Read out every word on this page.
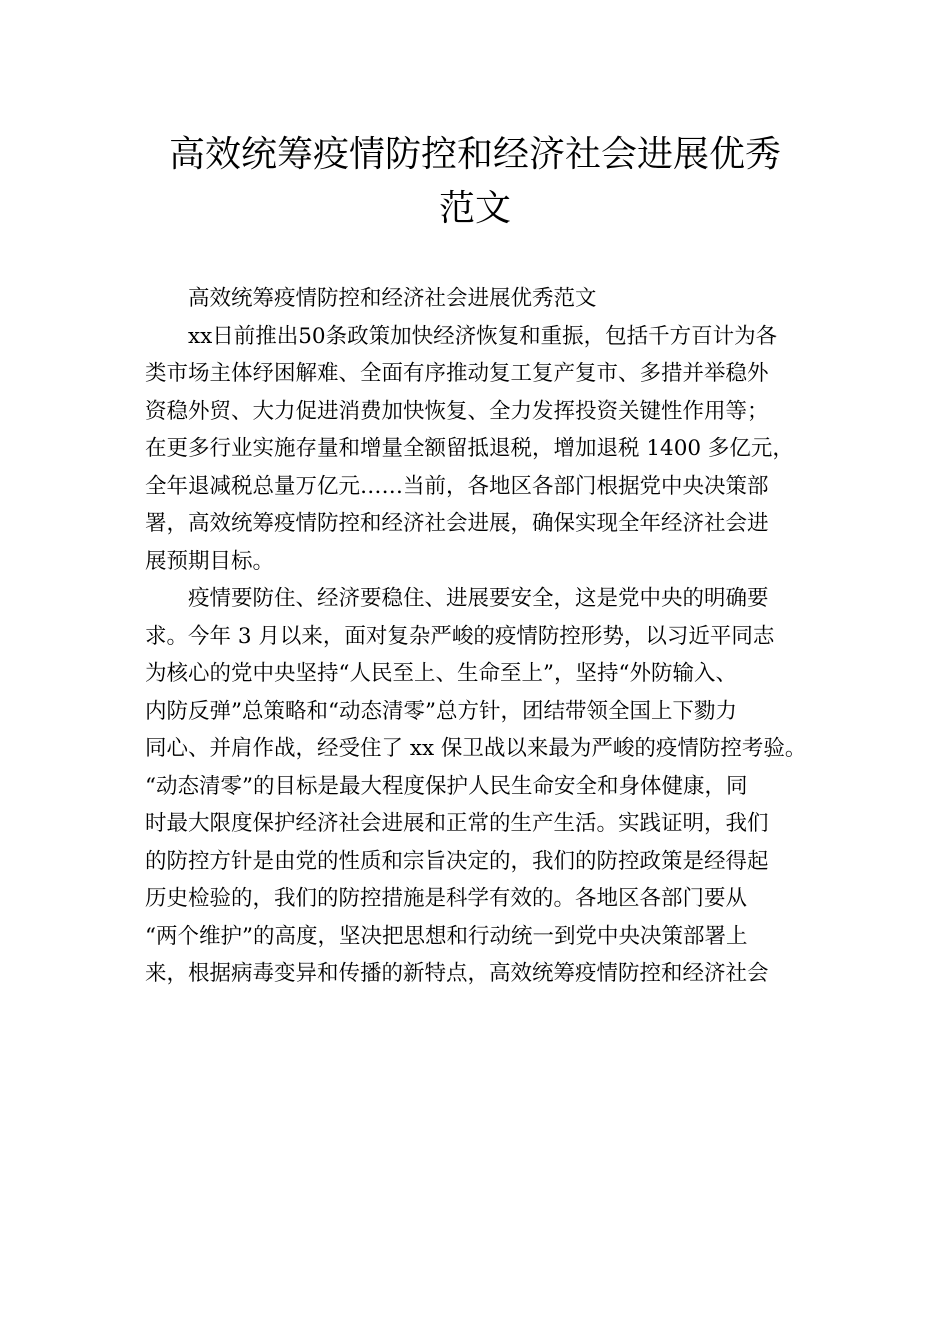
高效统筹疫情防控和经济社会进展优秀
范文

高效统筹疫情防控和经济社会进展优秀范文

xx日前推出50条政策加快经济恢复和重振，包括千方百计为各
类市场主体纾困解难、全面有序推动复工复产复市、多措并举稳外
资稳外贸、大力促进消费加快恢复、全力发挥投资关键性作用等；
在更多行业实施存量和增量全额留抵退税，增加退税 1400 多亿元，
全年退减税总量万亿元……当前，各地区各部门根据党中央决策部
署，高效统筹疫情防控和经济社会进展，确保实现全年经济社会进
展预期目标。

疫情要防住、经济要稳住、进展要安全，这是党中央的明确要
求。今年 3 月以来，面对复杂严峻的疫情防控形势，以习近平同志
为核心的党中央坚持“人民至上、生命至上”，坚持“外防输入、
内防反弹”总策略和“动态清零”总方针，团结带领全国上下勠力
同心、并肩作战，经受住了 xx 保卫战以来最为严峻的疫情防控考验。
“动态清零”的目标是最大程度保护人民生命安全和身体健康，同
时最大限度保护经济社会进展和正常的生产生活。实践证明，我们
的防控方针是由党的性质和宗旨决定的，我们的防控政策是经得起
历史检验的，我们的防控措施是科学有效的。各地区各部门要从
“两个维护”的高度，坚决把思想和行动统一到党中央决策部署上
来，根据病毒变异和传播的新特点，高效统筹疫情防控和经济社会
